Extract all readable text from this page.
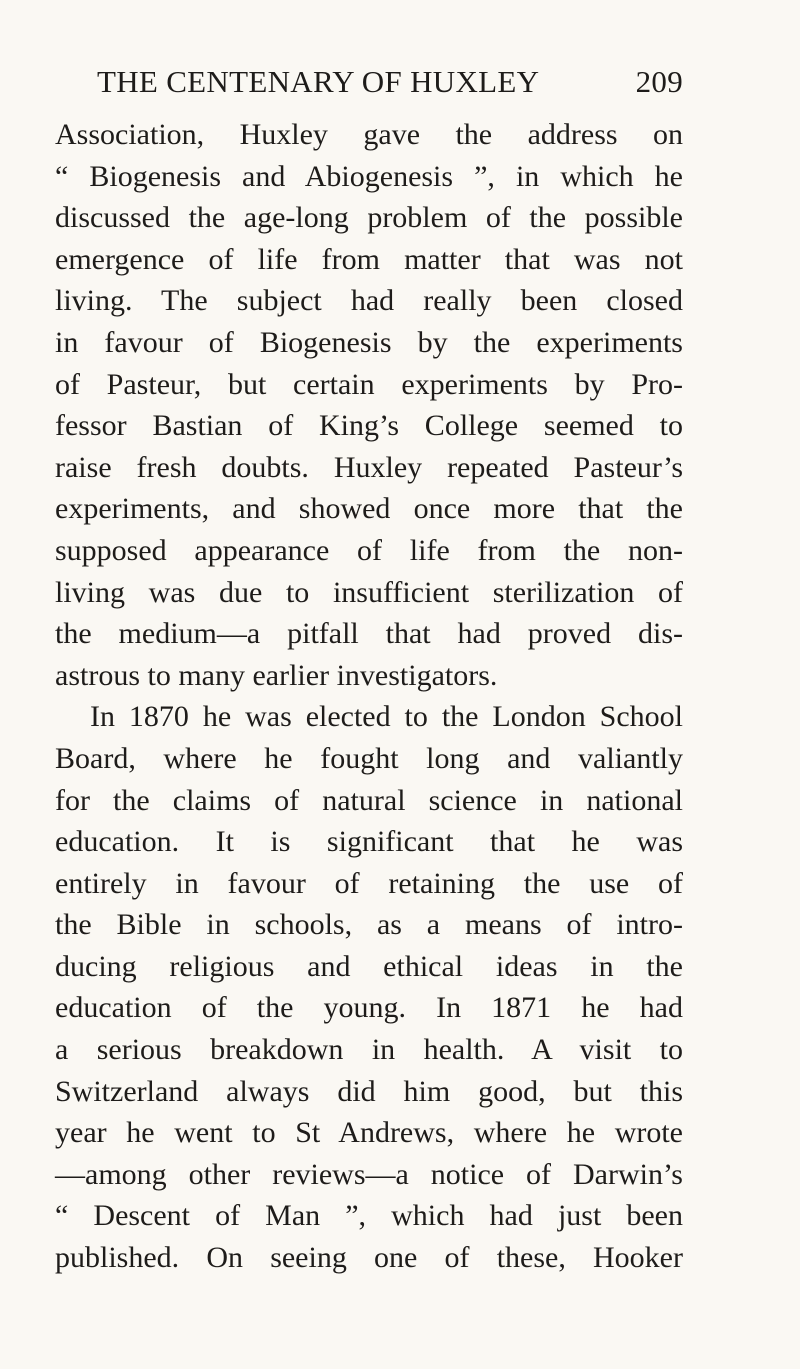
THE CENTENARY OF HUXLEY	209
Association, Huxley gave the address on
“ Biogenesis and Abiogenesis ”, in which he
discussed the age-long problem of the possible
emergence of life from matter that was not
living. The subject had really been closed
in favour of Biogenesis by the experiments
of Pasteur, but certain experiments by Pro-
fessor Bastian of King’s College seemed to
raise fresh doubts. Huxley repeated Pasteur’s
experiments, and showed once more that the
supposed appearance of life from the non-
living was due to insufficient sterilization of
the medium—a pitfall that had proved dis-
astrous to many earlier investigators.
In 1870 he was elected to the London School
Board, where he fought long and valiantly
for the claims of natural science in national
education. It is significant that he was
entirely in favour of retaining the use of
the Bible in schools, as a means of intro-
ducing religious and ethical ideas in the
education of the young. In 1871 he had
a serious breakdown in health. A visit to
Switzerland always did him good, but this
year he went to St Andrews, where he wrote
—among other reviews—a notice of Darwin’s
“ Descent of Man ”, which had just been
published. On seeing one of these, Hooker
